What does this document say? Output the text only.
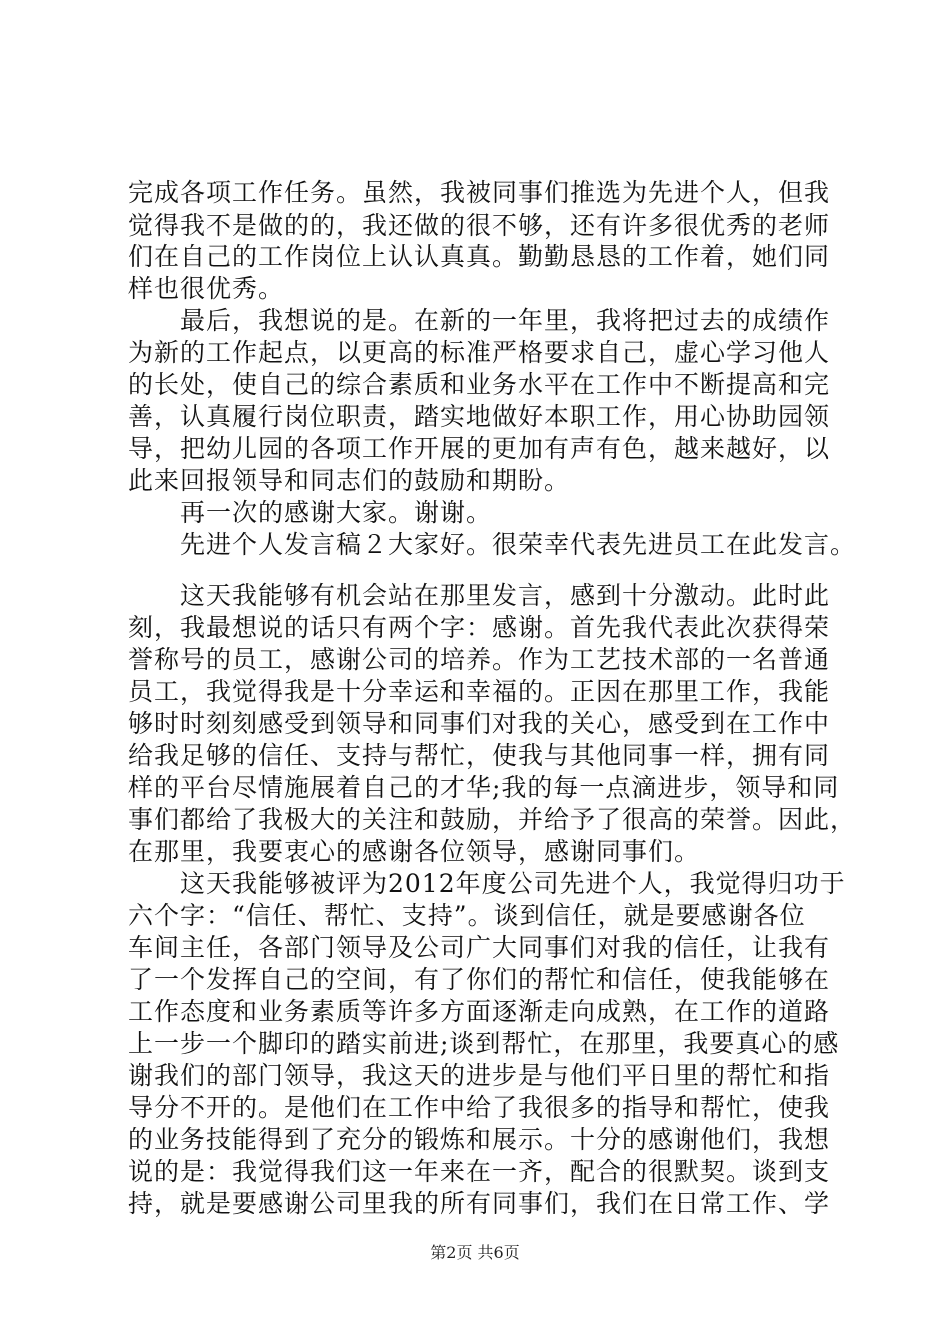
完成各项工作任务。虽然，我被同事们推选为先进个人，但我
觉得我不是做的的，我还做的很不够，还有许多很优秀的老师
们在自己的工作岗位上认认真真。勤勤恳恳的工作着，她们同
样也很优秀。
最后，我想说的是。在新的一年里，我将把过去的成绩作
为新的工作起点，以更高的标准严格要求自己，虚心学习他人
的长处，使自己的综合素质和业务水平在工作中不断提高和完
善，认真履行岗位职责，踏实地做好本职工作，用心协助园领
导，把幼儿园的各项工作开展的更加有声有色，越来越好，以
此来回报领导和同志们的鼓励和期盼。
再一次的感谢大家。谢谢。
先进个人发言稿２大家好。很荣幸代表先进员工在此发言。
这天我能够有机会站在那里发言，感到十分激动。此时此
刻，我最想说的话只有两个字：感谢。首先我代表此次获得荣
誉称号的员工，感谢公司的培养。作为工艺技术部的一名普通
员工，我觉得我是十分幸运和幸福的。正因在那里工作，我能
够时时刻刻感受到领导和同事们对我的关心，感受到在工作中
给我足够的信任、支持与帮忙，使我与其他同事一样，拥有同
样的平台尽情施展着自己的才华;我的每一点滴进步，领导和同
事们都给了我极大的关注和鼓励，并给予了很高的荣誉。因此，
在那里，我要衷心的感谢各位领导，感谢同事们。
这天我能够被评为2012年度公司先进个人，我觉得归功于
六个字：“信任、帮忙、支持”。谈到信任，就是要感谢各位
车间主任，各部门领导及公司广大同事们对我的信任，让我有
了一个发挥自己的空间，有了你们的帮忙和信任，使我能够在
工作态度和业务素质等许多方面逐渐走向成熟，在工作的道路
上一步一个脚印的踏实前进;谈到帮忙，在那里，我要真心的感
谢我们的部门领导，我这天的进步是与他们平日里的帮忙和指
导分不开的。是他们在工作中给了我很多的指导和帮忙，使我
的业务技能得到了充分的锻炼和展示。十分的感谢他们，我想
说的是：我觉得我们这一年来在一齐，配合的很默契。谈到支
持，就是要感谢公司里我的所有同事们，我们在日常工作、学
第2页 共6页
